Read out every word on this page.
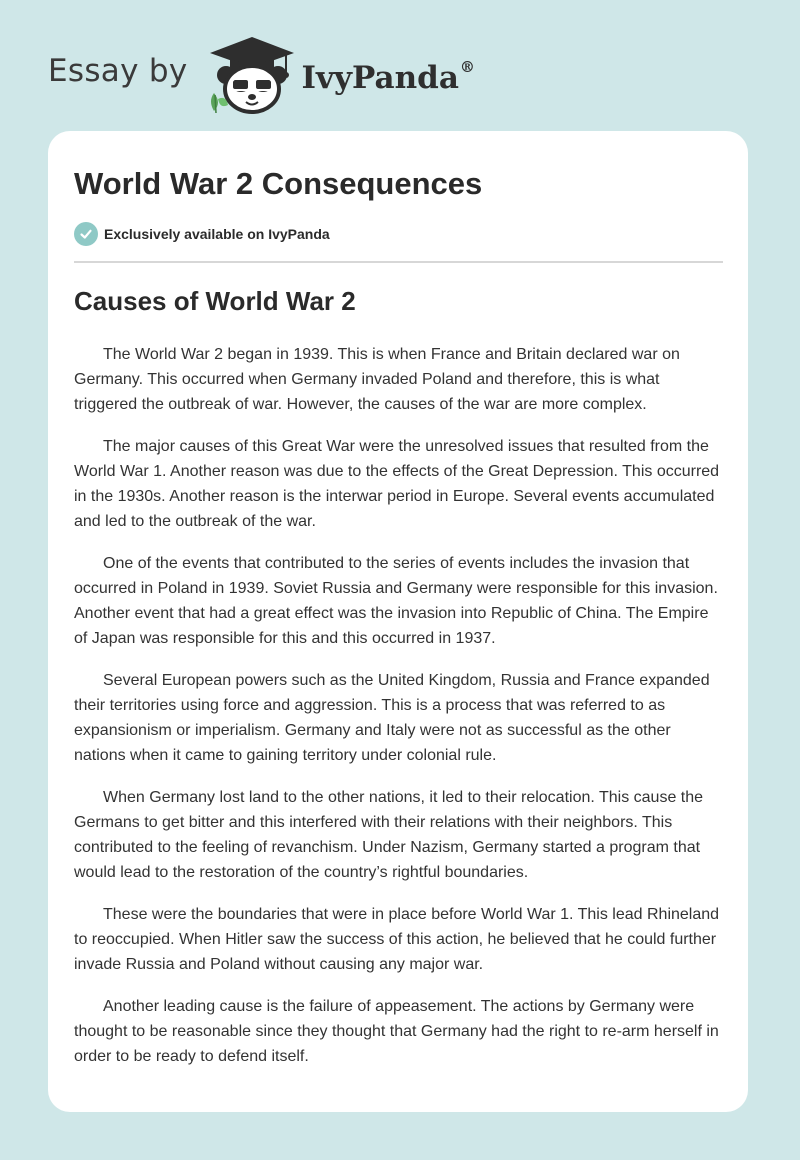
Essay by	IvyPanda®
World War 2 Consequences
Exclusively available on IvyPanda
Causes of World War 2

The World War 2 began in 1939. This is when France and Britain declared war on Germany. This occurred when Germany invaded Poland and therefore, this is what triggered the outbreak of war. However, the causes of the war are more complex.

The major causes of this Great War were the unresolved issues that resulted from the World War 1. Another reason was due to the effects of the Great Depression. This occurred in the 1930s. Another reason is the interwar period in Europe. Several events accumulated and led to the outbreak of the war.

One of the events that contributed to the series of events includes the invasion that occurred in Poland in 1939. Soviet Russia and Germany were responsible for this invasion. Another event that had a great effect was the invasion into Republic of China. The Empire of Japan was responsible for this and this occurred in 1937.

Several European powers such as the United Kingdom, Russia and France expanded their territories using force and aggression. This is a process that was referred to as expansionism or imperialism. Germany and Italy were not as successful as the other nations when it came to gaining territory under colonial rule.

When Germany lost land to the other nations, it led to their relocation. This cause the Germans to get bitter and this interfered with their relations with their neighbors. This contributed to the feeling of revanchism. Under Nazism, Germany started a program that would lead to the restoration of the country’s rightful boundaries.

These were the boundaries that were in place before World War 1. This lead Rhineland to reoccupied. When Hitler saw the success of this action, he believed that he could further invade Russia and Poland without causing any major war.

Another leading cause is the failure of appeasement. The actions by Germany were thought to be reasonable since they thought that Germany had the right to re-arm herself in order to be ready to defend itself.
